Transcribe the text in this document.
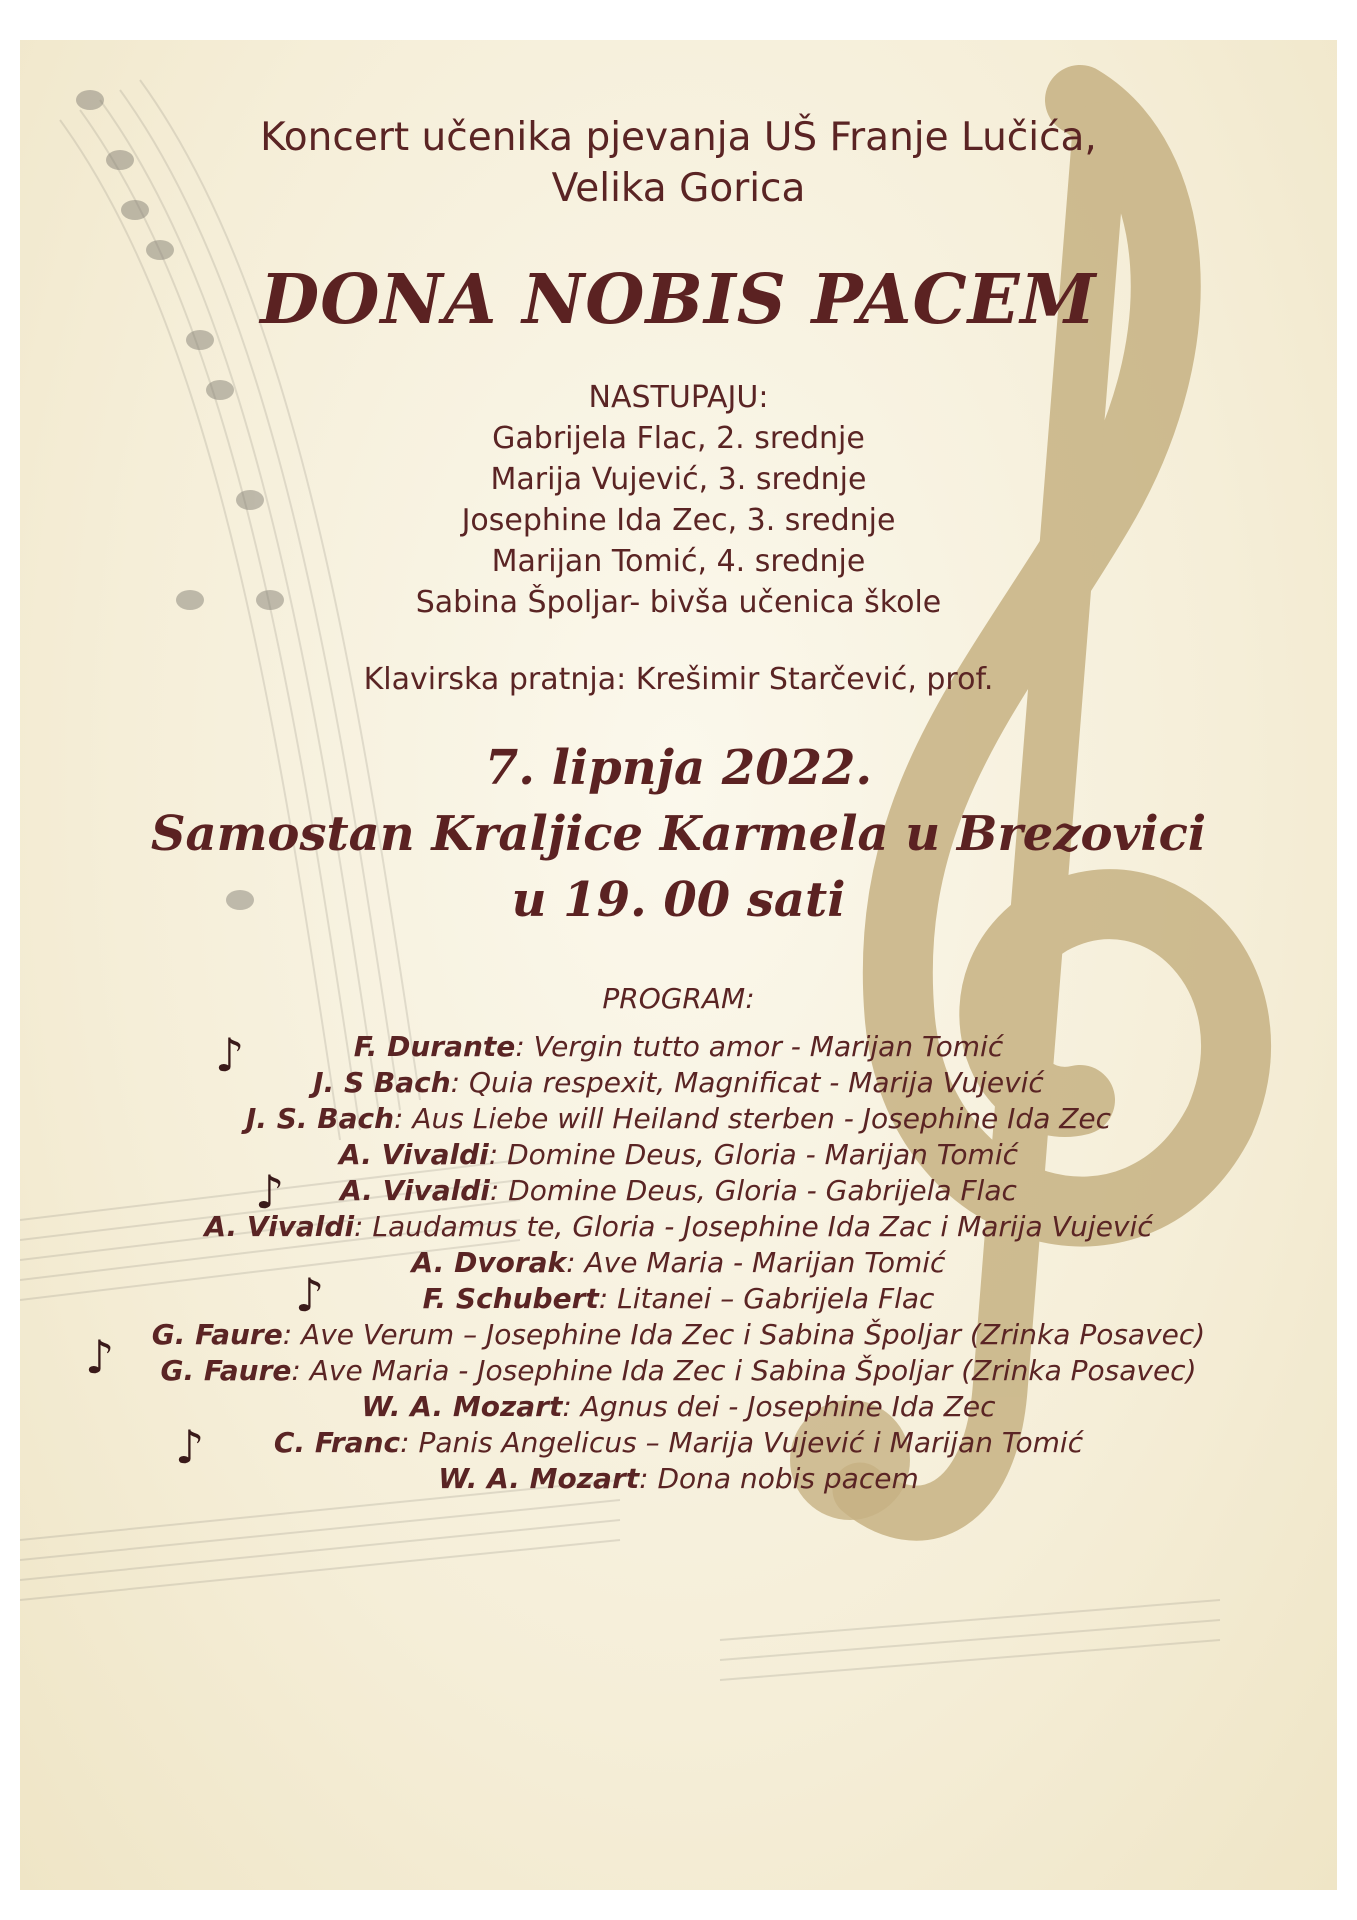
Koncert učenika pjevanja UŠ Franje Lučića,
Velika Gorica
DONA NOBIS PACEM
NASTUPAJU:
Gabrijela Flac, 2. srednje
Marija Vujević, 3. srednje
Josephine Ida Zec, 3. srednje
Marijan Tomić, 4. srednje
Sabina Špoljar- bivša učenica škole
Klavirska pratnja: Krešimir Starčević, prof.
7. lipnja 2022.
Samostan Kraljice Karmela u Brezovici
u 19. 00 sati
PROGRAM:
F. Durante: Vergin tutto amor - Marijan Tomić
J. S Bach: Quia respexit, Magnificat - Marija Vujević
J. S. Bach: Aus Liebe will Heiland sterben - Josephine Ida Zec
A. Vivaldi: Domine Deus, Gloria - Marijan Tomić
A. Vivaldi: Domine Deus, Gloria - Gabrijela Flac
A. Vivaldi: Laudamus te, Gloria - Josephine Ida Zac i Marija Vujević
A. Dvorak: Ave Maria - Marijan Tomić
F. Schubert: Litanei – Gabrijela Flac
G. Faure: Ave Verum – Josephine Ida Zec i Sabina Špoljar (Zrinka Posavec)
G. Faure: Ave Maria - Josephine Ida Zec i Sabina Špoljar (Zrinka Posavec)
W. A. Mozart: Agnus dei - Josephine Ida Zec
C. Franc: Panis Angelicus – Marija Vujević i Marijan Tomić
W. A. Mozart: Dona nobis pacem
♪
♪
♪
♪
♪
